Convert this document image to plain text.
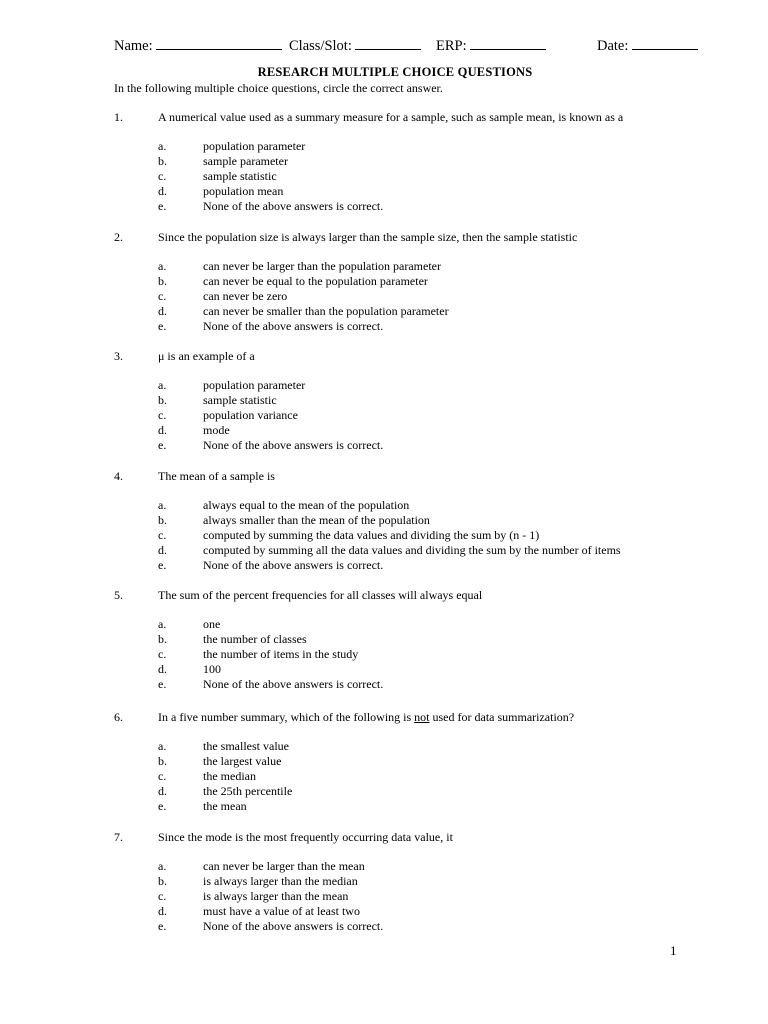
Name:	Class/Slot:	ERP:	Date:
RESEARCH MULTIPLE CHOICE QUESTIONS
In the following multiple choice questions, circle the correct answer.
1.	A numerical value used as a summary measure for a sample, such as sample mean, is known as a
a.	population parameter
b.	sample parameter
c.	sample statistic
d.	population mean
e.	None of the above answers is correct.
2.	Since the population size is always larger than the sample size, then the sample statistic
a.	can never be larger than the population parameter
b.	can never be equal to the population parameter
c.	can never be zero
d.	can never be smaller than the population parameter
e.	None of the above answers is correct.
3.	μ is an example of a
a.	population parameter
b.	sample statistic
c.	population variance
d.	mode
e.	None of the above answers is correct.
4.	The mean of a sample is
a.	always equal to the mean of the population
b.	always smaller than the mean of the population
c.	computed by summing the data values and dividing the sum by (n - 1)
d.	computed by summing all the data values and dividing the sum by the number of items
e.	None of the above answers is correct.
5.	The sum of the percent frequencies for all classes will always equal
a.	one
b.	the number of classes
c.	the number of items in the study
d.	100
e.	None of the above answers is correct.
6.	In a five number summary, which of the following is not used for data summarization?
a.	the smallest value
b.	the largest value
c.	the median
d.	the 25th percentile
e.	the mean
7.	Since the mode is the most frequently occurring data value, it
a.	can never be larger than the mean
b.	is always larger than the median
c.	is always larger than the mean
d.	must have a value of at least two
e.	None of the above answers is correct.
1
